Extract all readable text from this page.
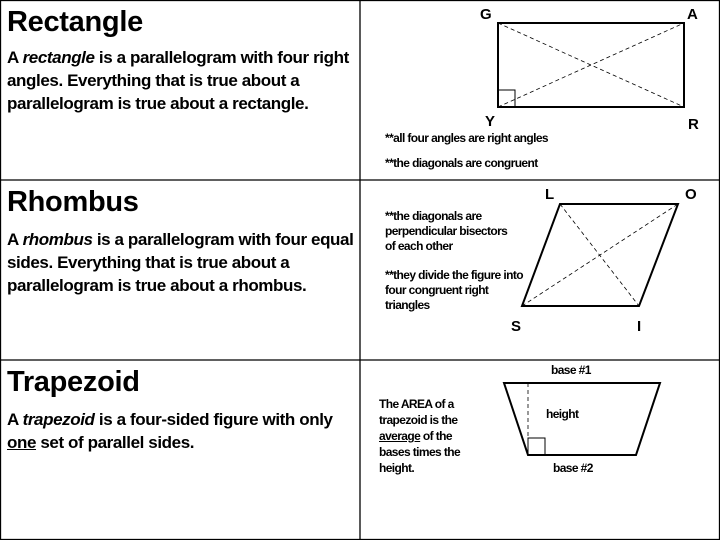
Rectangle
A rectangle is a parallelogram with four right angles. Everything that is true about a parallelogram is true about a rectangle.
G	A
Y	R
**all four angles are right angles
**the diagonals are congruent
Rhombus
A rhombus is a parallelogram with four equal sides. Everything that is true about a parallelogram is true about a rhombus.
L	O
S	I
**the diagonals are perpendicular bisectors of each other
**they divide the figure into four congruent right triangles
Trapezoid
A trapezoid is a four-sided figure with only one set of parallel sides.
base #1
height
base #2
The AREA of a trapezoid is the average of the bases times the height.
